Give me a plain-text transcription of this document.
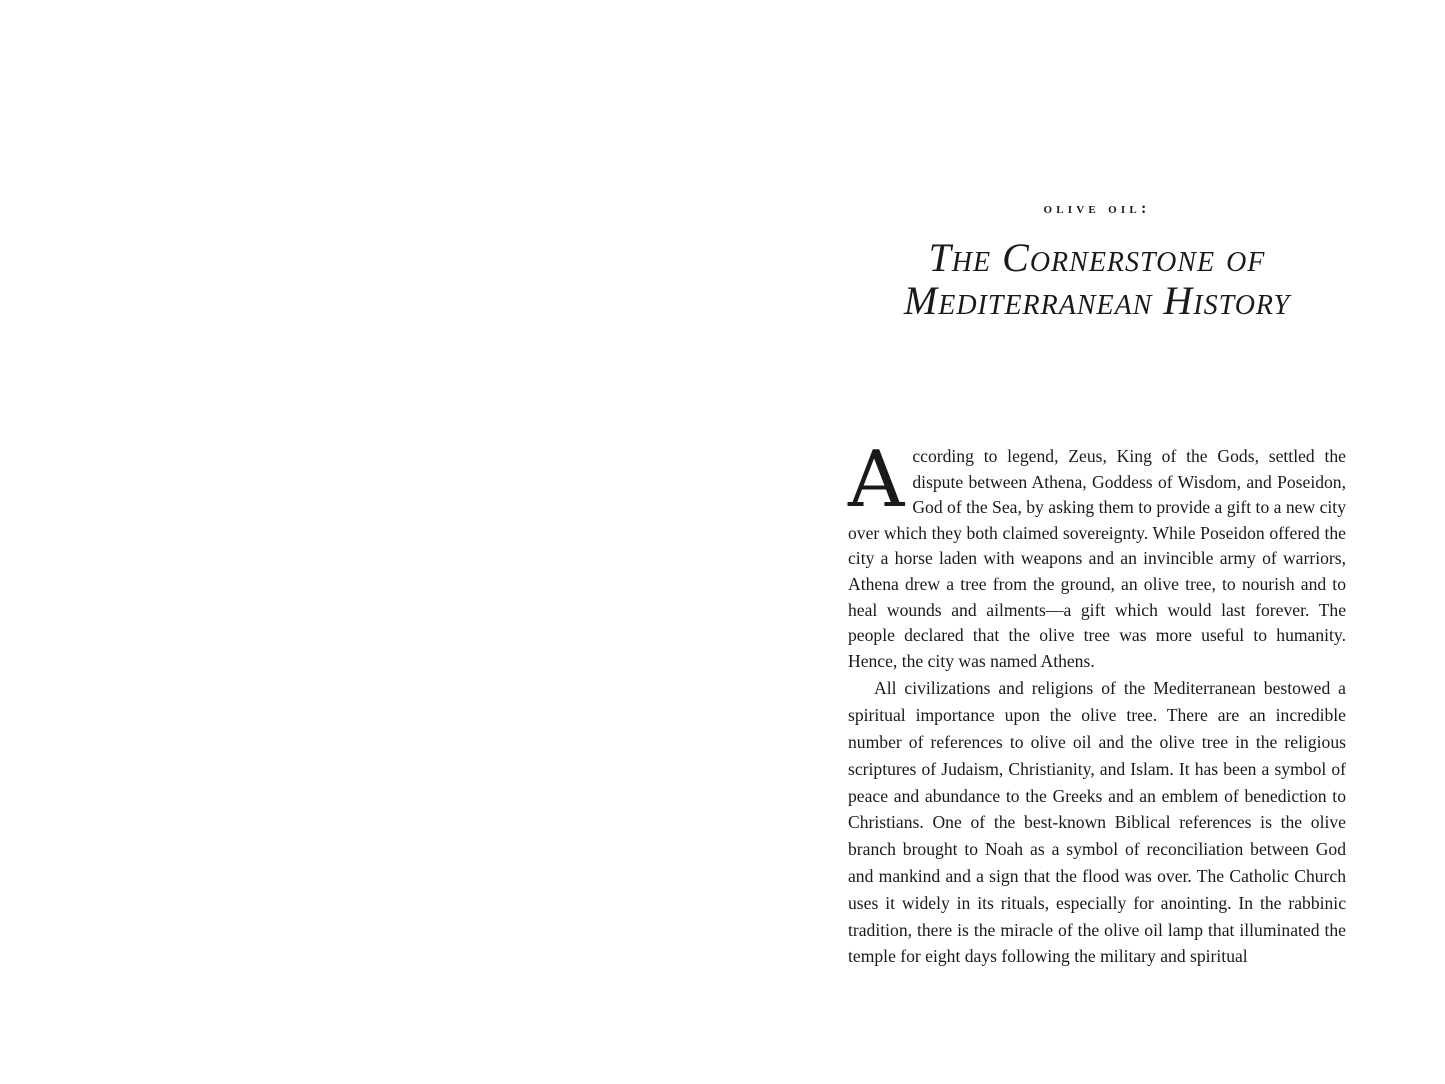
olive oil:

The Cornerstone of
Mediterranean History

According to legend, Zeus, King of the Gods, settled the dispute between Athena, Goddess of Wisdom, and Poseidon, God of the Sea, by asking them to provide a gift to a new city over which they both claimed sovereignty. While Poseidon offered the city a horse laden with weapons and an invincible army of warriors, Athena drew a tree from the ground, an olive tree, to nourish and to heal wounds and ailments—a gift which would last forever. The people declared that the olive tree was more useful to humanity. Hence, the city was named Athens.

All civilizations and religions of the Mediterranean bestowed a spiritual importance upon the olive tree. There are an incredible number of references to olive oil and the olive tree in the religious scriptures of Judaism, Christianity, and Islam. It has been a symbol of peace and abundance to the Greeks and an emblem of benediction to Christians. One of the best-known Biblical references is the olive branch brought to Noah as a symbol of reconciliation between God and mankind and a sign that the flood was over. The Catholic Church uses it widely in its rituals, especially for anointing. In the rabbinic tradition, there is the miracle of the olive oil lamp that illuminated the temple for eight days following the military and spiritual
